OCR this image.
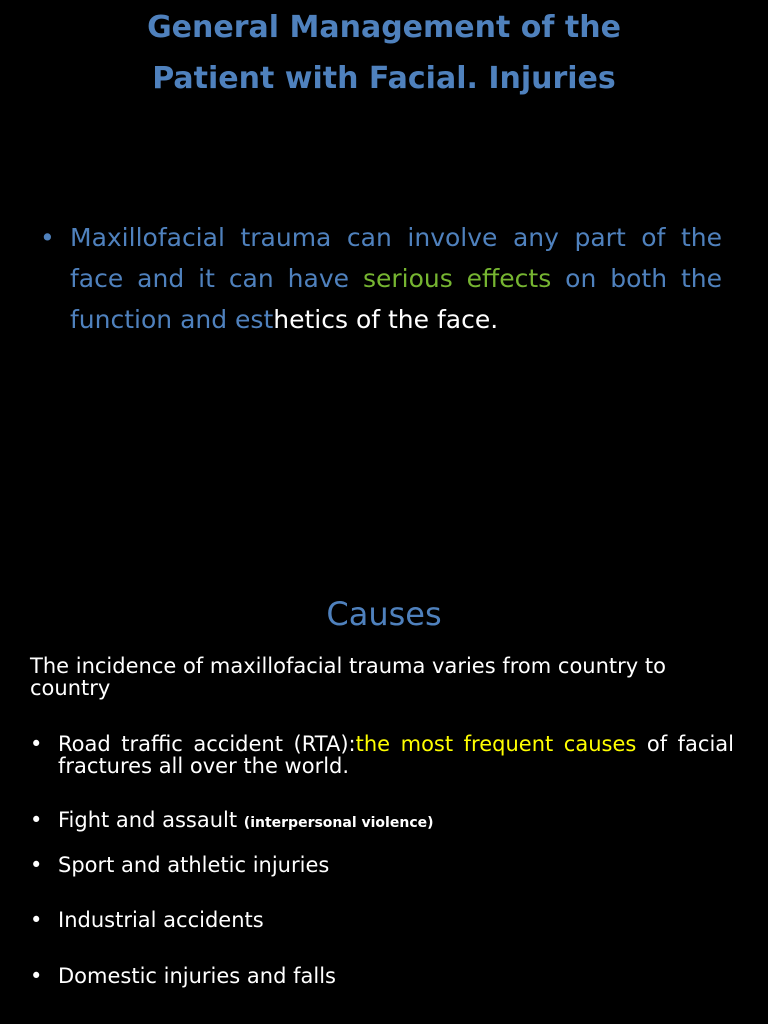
General Management of the
Patient with Facial. Injuries
• Maxillofacial trauma can involve any part of the face and it can have serious effects on both the function and esthetics of the face.
Causes
The incidence of maxillofacial trauma varies from country to country
• Road traffic accident (RTA):the most frequent causes of facial fractures all over the world.
• Fight and assault (interpersonal violence)
• Sport and athletic injuries
• Industrial accidents
• Domestic injuries and falls
